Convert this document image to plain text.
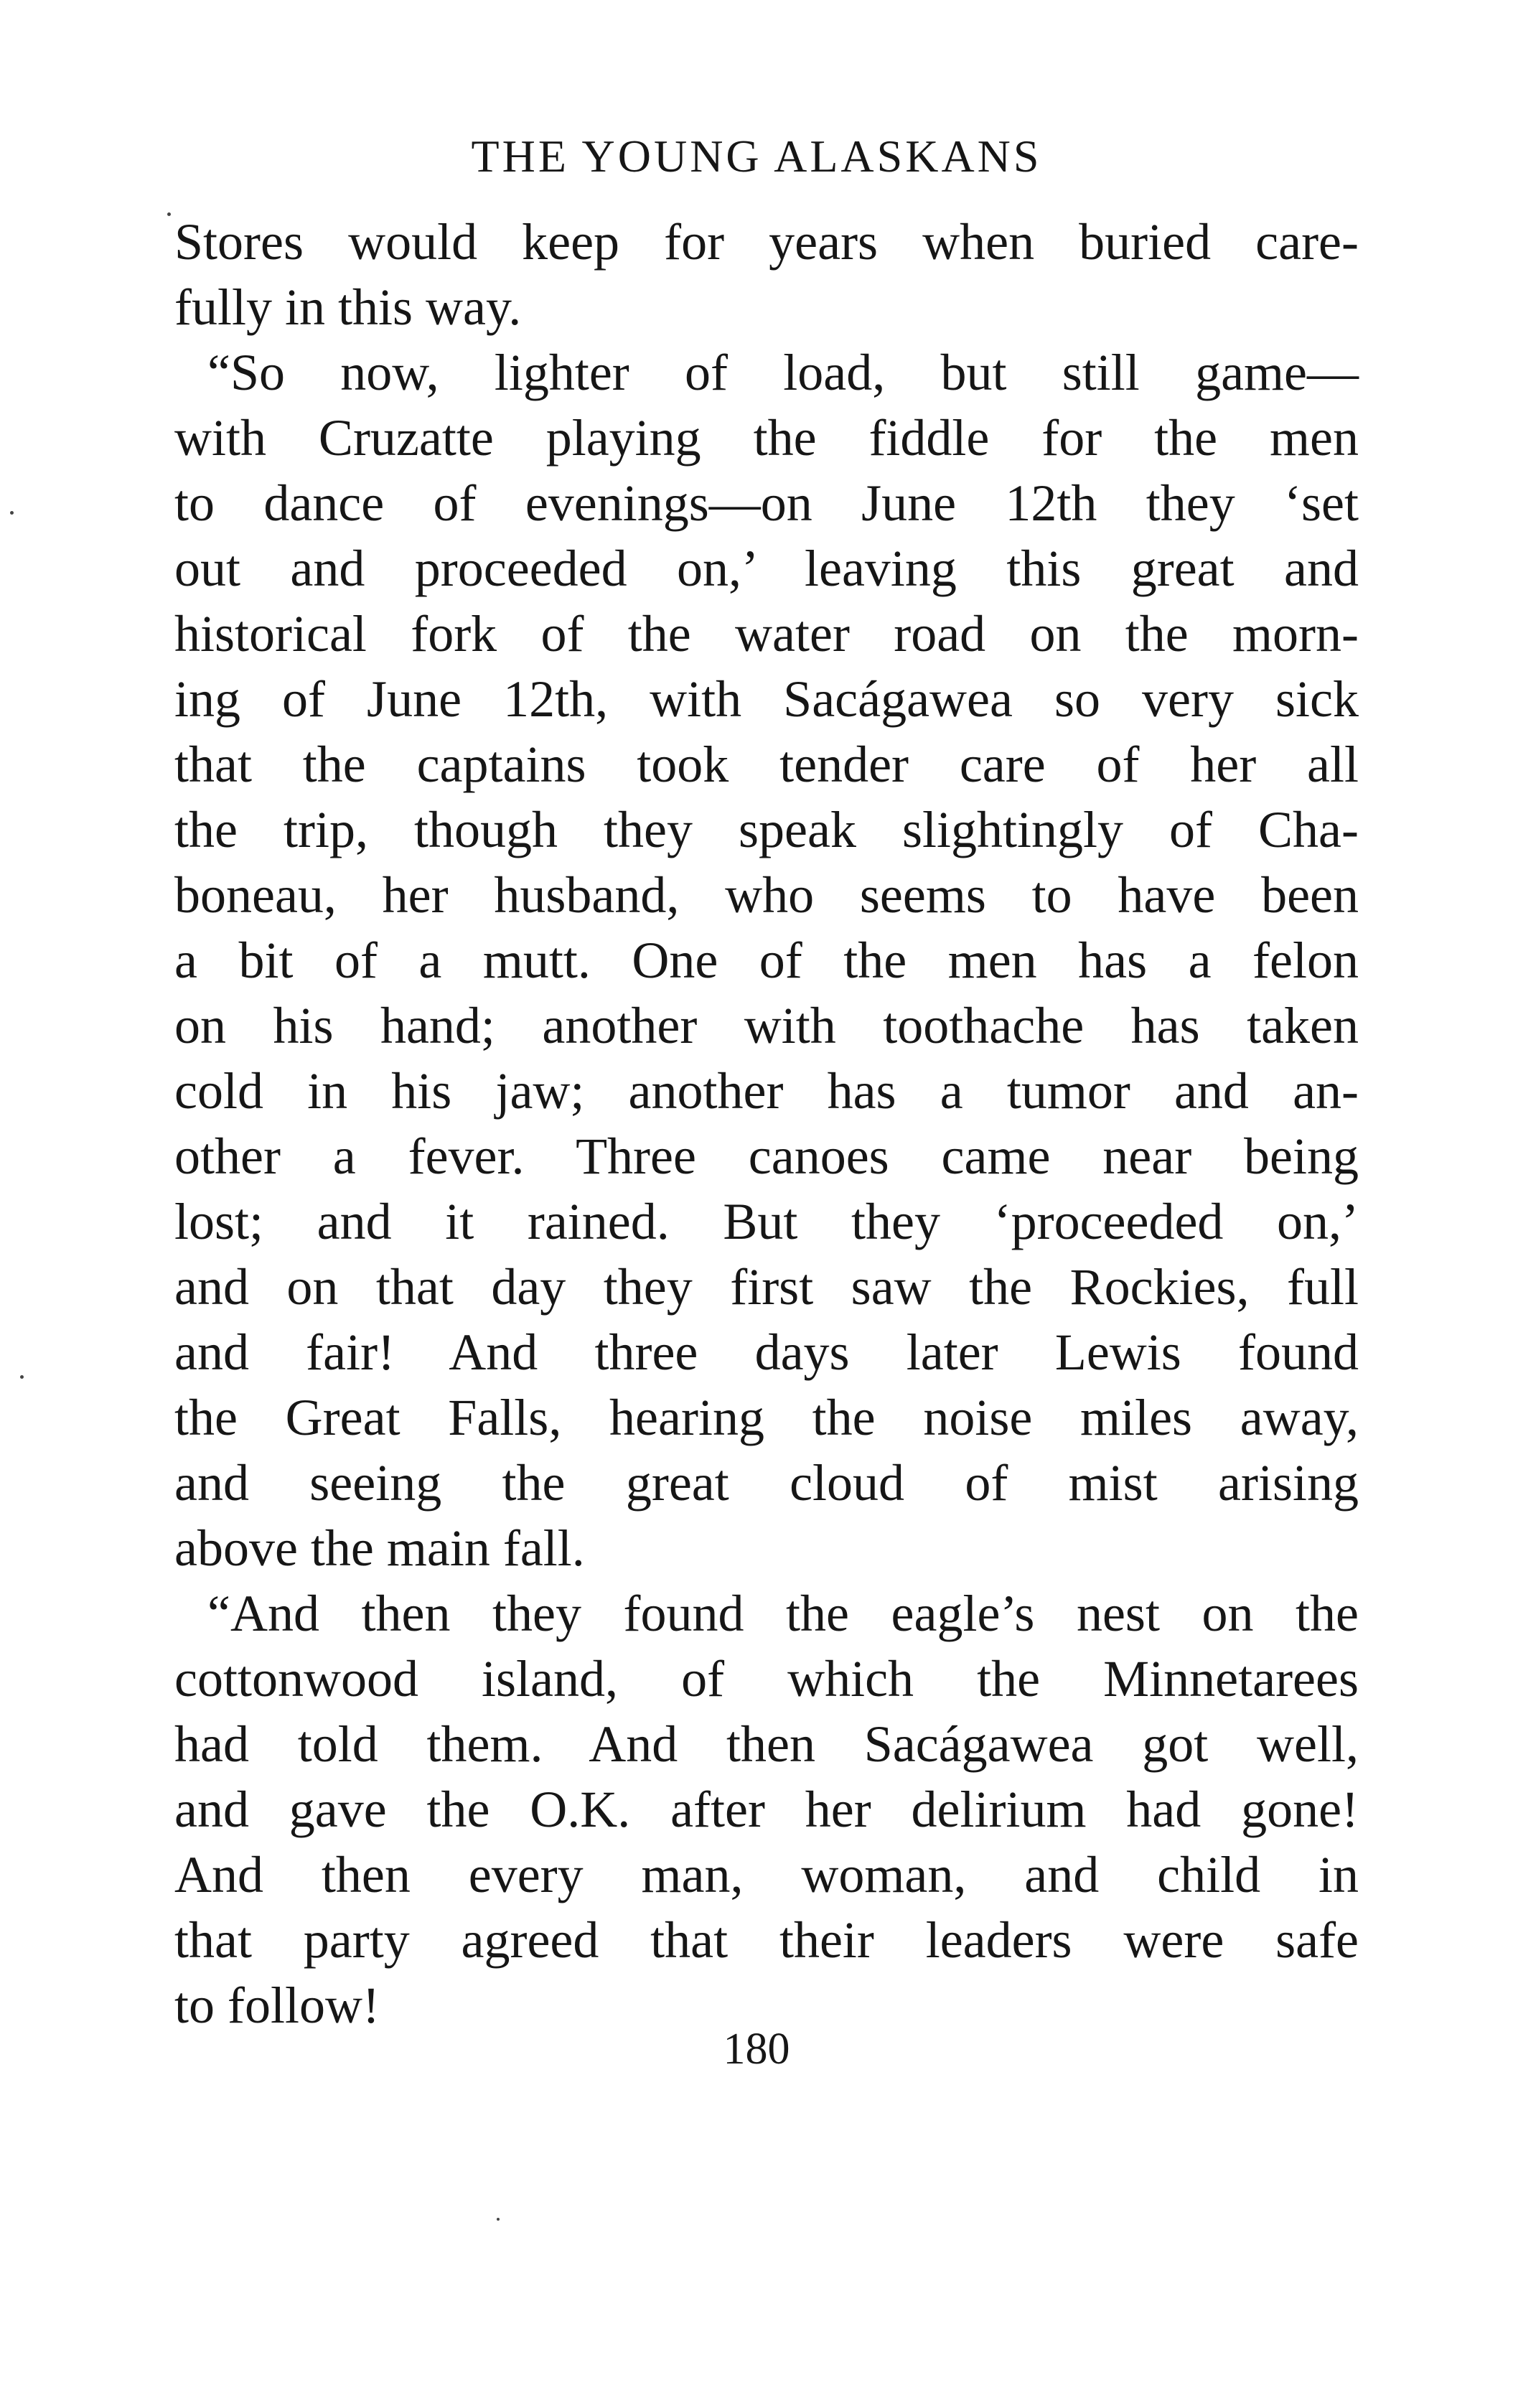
THE YOUNG ALASKANS
Stores would keep for years when buried care-
fully in this way.
“So now, lighter of load, but still game—
with Cruzatte playing the fiddle for the men
to dance of evenings—on June 12th they ‘set
out and proceeded on,’ leaving this great and
historical fork of the water road on the morn-
ing of June 12th, with Sacágawea so very sick
that the captains took tender care of her all
the trip, though they speak slightingly of Cha-
boneau, her husband, who seems to have been
a bit of a mutt. One of the men has a felon
on his hand; another with toothache has taken
cold in his jaw; another has a tumor and an-
other a fever. Three canoes came near being
lost; and it rained. But they ‘proceeded on,’
and on that day they first saw the Rockies, full
and fair! And three days later Lewis found
the Great Falls, hearing the noise miles away,
and seeing the great cloud of mist arising
above the main fall.
“And then they found the eagle’s nest on the
cottonwood island, of which the Minnetarees
had told them. And then Sacágawea got well,
and gave the O.K. after her delirium had gone!
And then every man, woman, and child in
that party agreed that their leaders were safe
to follow!
180
